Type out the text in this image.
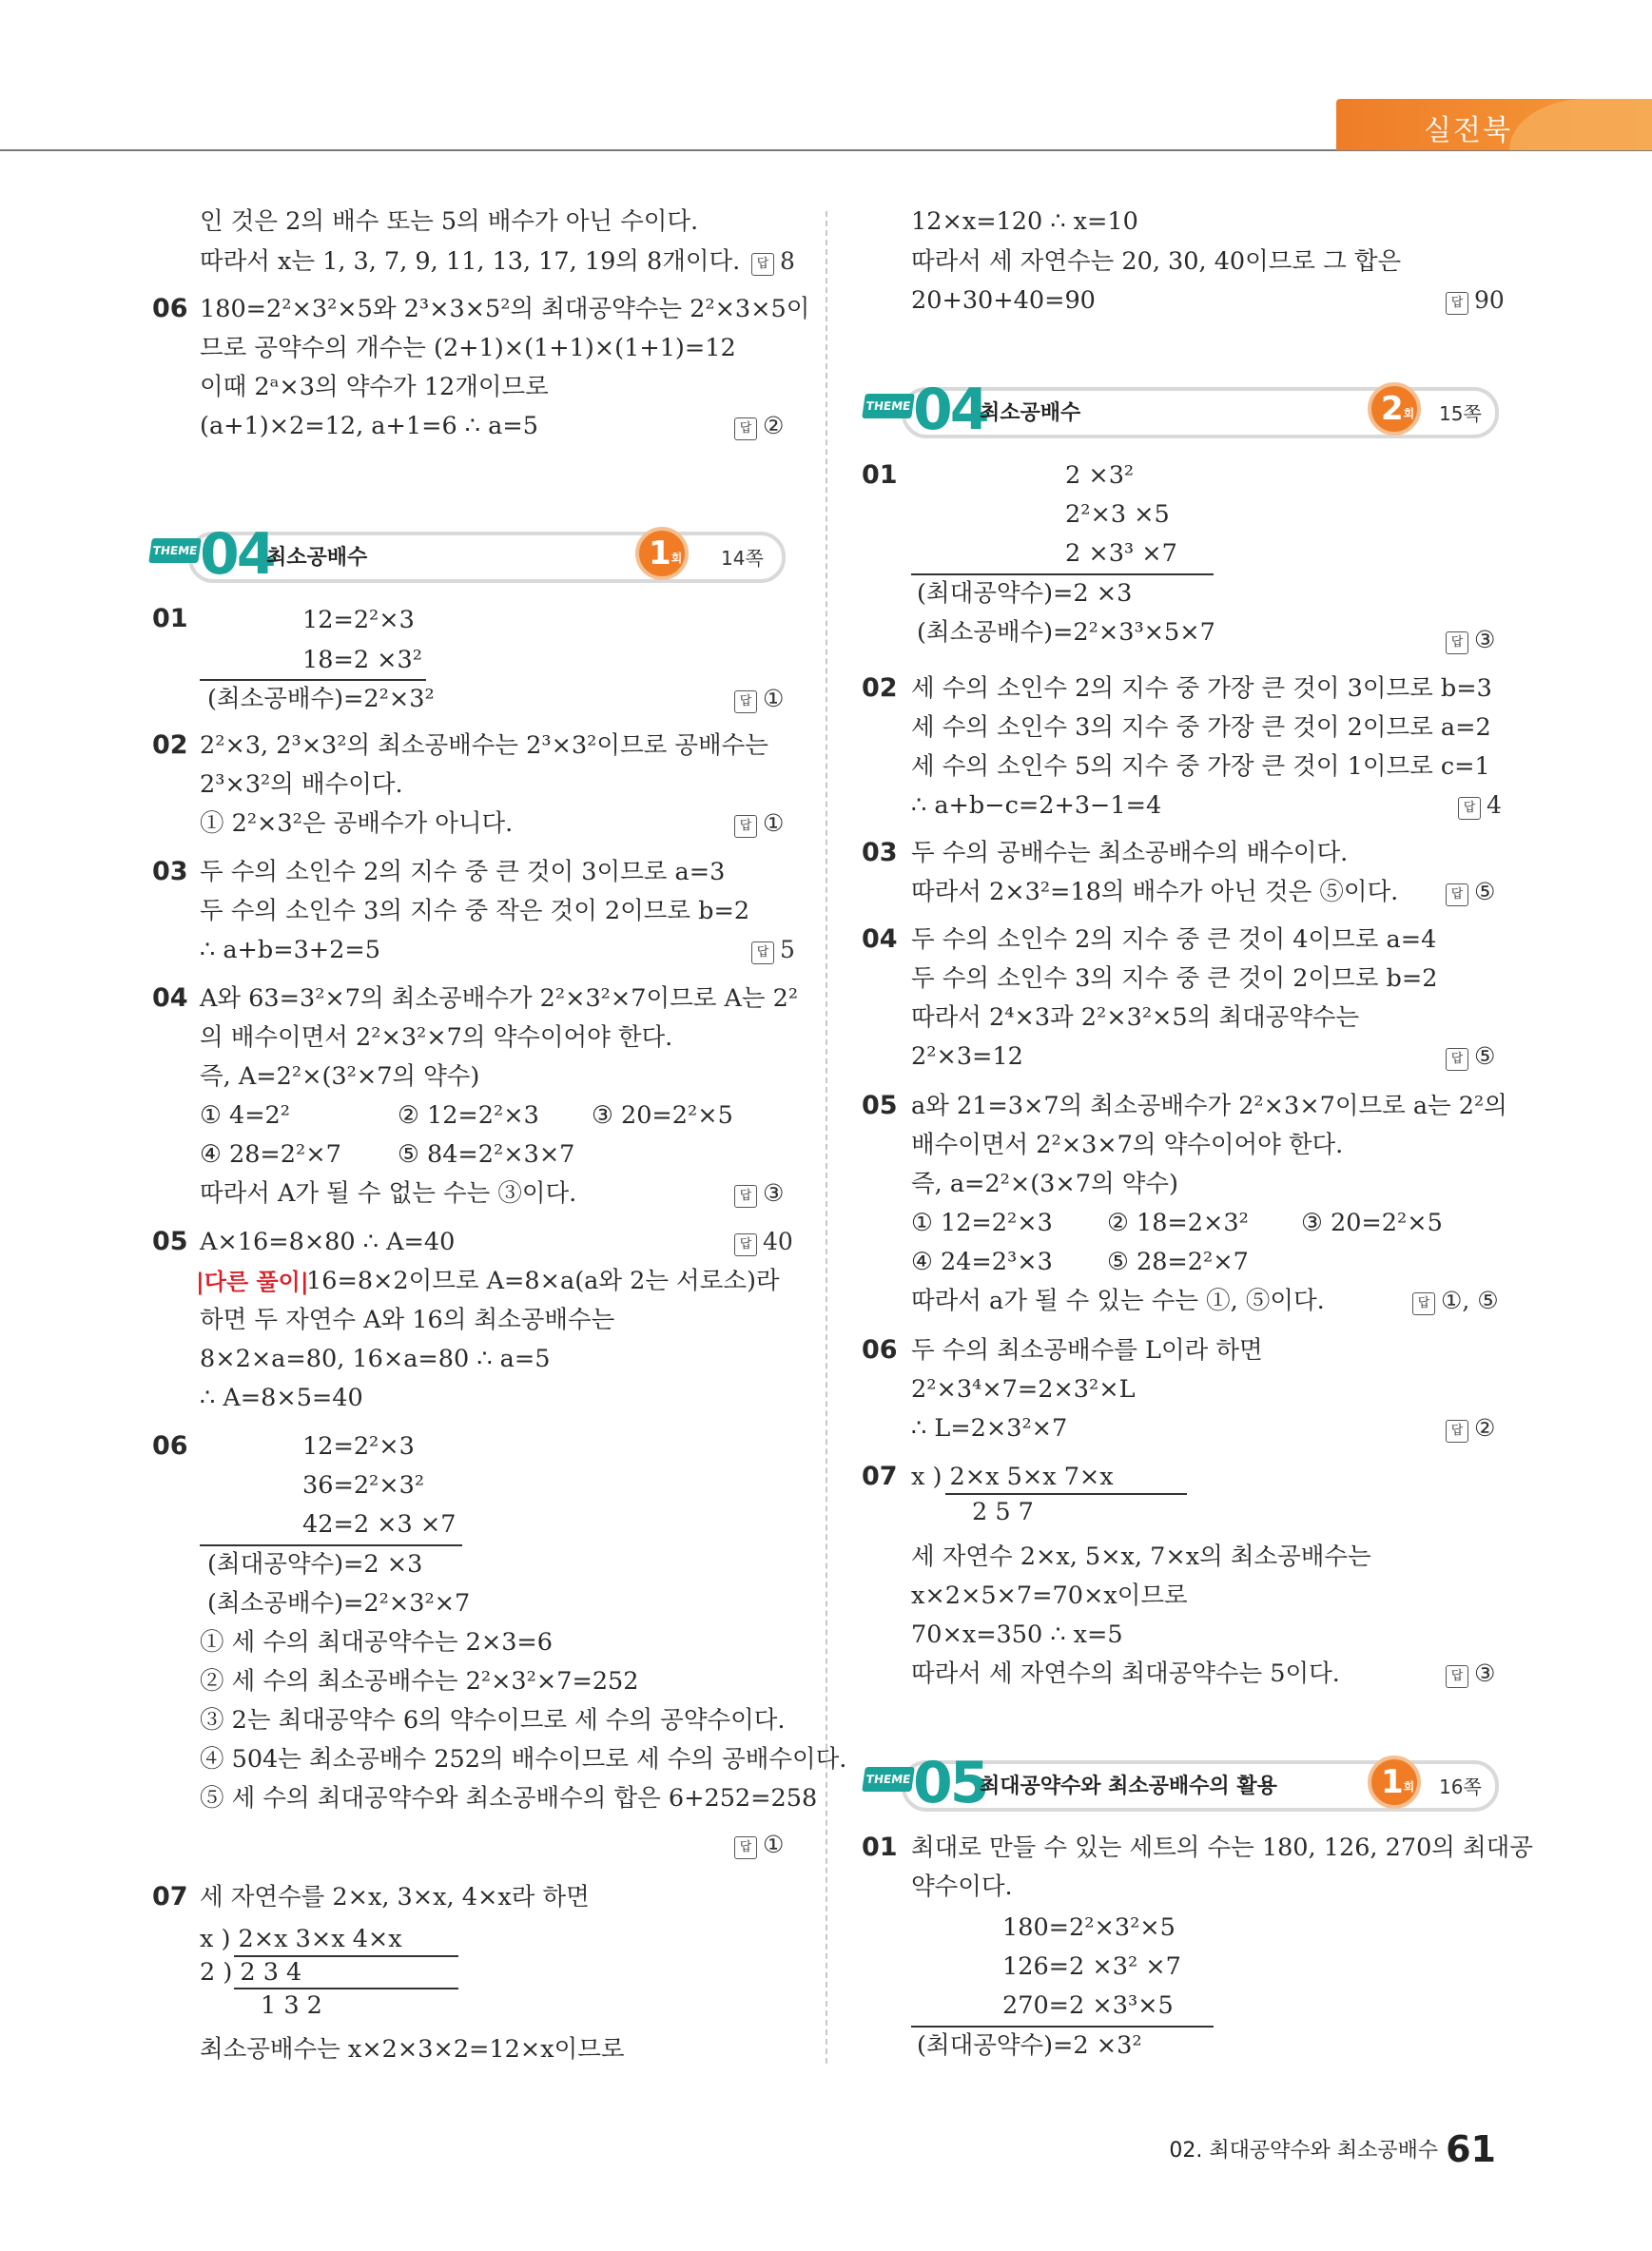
실전북
인 것은 2의 배수 또는 5의 배수가 아닌 수이다.
따라서 x는 1, 3, 7, 9, 11, 13, 17, 19의 8개이다.	답 8
06 180=2²×3²×5와 2³×3×5²의 최대공약수는 2²×3×5이
므로 공약수의 개수는 (2+1)×(1+1)×(1+1)=12
이때 2ᵃ×3의 약수가 12개이므로
(a+1)×2=12, a+1=6 ∴ a=5	답 ②
THEME 04
최소공배수	1회	14쪽
01	12=2²×3
18=2 ×3²
(최소공배수)=2²×3²	답 ①
02 2²×3, 2³×3²의 최소공배수는 2³×3²이므로 공배수는
2³×3²의 배수이다.
① 2²×3²은 공배수가 아니다.	답 ①
03 두 수의 소인수 2의 지수 중 큰 것이 3이므로 a=3
두 수의 소인수 3의 지수 중 작은 것이 2이므로 b=2
∴ a+b=3+2=5	답 5
04 A와 63=3²×7의 최소공배수가 2²×3²×7이므로 A는 2²
의 배수이면서 2²×3²×7의 약수이어야 한다.
즉, A=2²×(3²×7의 약수)
① 4=2²	② 12=2²×3 ③ 20=2²×5
④ 28=2²×7 ⑤ 84=2²×3×7
따라서 A가 될 수 없는 수는 ③이다.	답 ③
05 A×16=8×80 ∴ A=40	답 40
|다른 풀이|
16=8×2이므로 A=8×a(a와 2는 서로소)라
하면 두 자연수 A와 16의 최소공배수는
8×2×a=80, 16×a=80 ∴ a=5
∴ A=8×5=40
06	12=2²×3
36=2²×3²
42=2 ×3 ×7
(최대공약수)=2 ×3
(최소공배수)=2²×3²×7
① 세 수의 최대공약수는 2×3=6
② 세 수의 최소공배수는 2²×3²×7=252
③ 2는 최대공약수 6의 약수이므로 세 수의 공약수이다.
④ 504는 최소공배수 252의 배수이므로 세 수의 공배수이다.
⑤ 세 수의 최대공약수와 최소공배수의 합은 6+252=258
답 ①
07 세 자연수를 2×x, 3×x, 4×x라 하면
x ) 2×x 3×x 4×x
2 ) 2 3 4
1 3 2
최소공배수는 x×2×3×2=12×x이므로
12×x=120 ∴ x=10
따라서 세 자연수는 20, 30, 40이므로 그 합은
20+30+40=90	답 90
THEME 04
최소공배수	2회	15쪽
01	2 ×3²
2²×3 ×5
2 ×3³ ×7
(최대공약수)=2 ×3
(최소공배수)=2²×3³×5×7	답 ③
02 세 수의 소인수 2의 지수 중 가장 큰 것이 3이므로 b=3
세 수의 소인수 3의 지수 중 가장 큰 것이 2이므로 a=2
세 수의 소인수 5의 지수 중 가장 큰 것이 1이므로 c=1
∴ a+b−c=2+3−1=4	답 4
03 두 수의 공배수는 최소공배수의 배수이다.
따라서 2×3²=18의 배수가 아닌 것은 ⑤이다.	답 ⑤
04 두 수의 소인수 2의 지수 중 큰 것이 4이므로 a=4
두 수의 소인수 3의 지수 중 큰 것이 2이므로 b=2
따라서 2⁴×3과 2²×3²×5의 최대공약수는
2²×3=12	답 ⑤
05 a와 21=3×7의 최소공배수가 2²×3×7이므로 a는 2²의
배수이면서 2²×3×7의 약수이어야 한다.
즉, a=2²×(3×7의 약수)
① 12=2²×3 ② 18=2×3² ③ 20=2²×5
④ 24=2³×3 ⑤ 28=2²×7
따라서 a가 될 수 있는 수는 ①, ⑤이다.	답 ①, ⑤
06 두 수의 최소공배수를 L이라 하면
2²×3⁴×7=2×3²×L
∴ L=2×3²×7	답 ②
07 x ) 2×x 5×x 7×x
2 5 7
세 자연수 2×x, 5×x, 7×x의 최소공배수는
x×2×5×7=70×x이므로
70×x=350 ∴ x=5
따라서 세 자연수의 최대공약수는 5이다.	답 ③
THEME 05
최대공약수와 최소공배수의 활용	1회	16쪽
01 최대로 만들 수 있는 세트의 수는 180, 126, 270의 최대공
약수이다.
180=2²×3²×5
126=2 ×3² ×7
270=2 ×3³×5
(최대공약수)=2 ×3²
02. 최대공약수와 최소공배수 61
